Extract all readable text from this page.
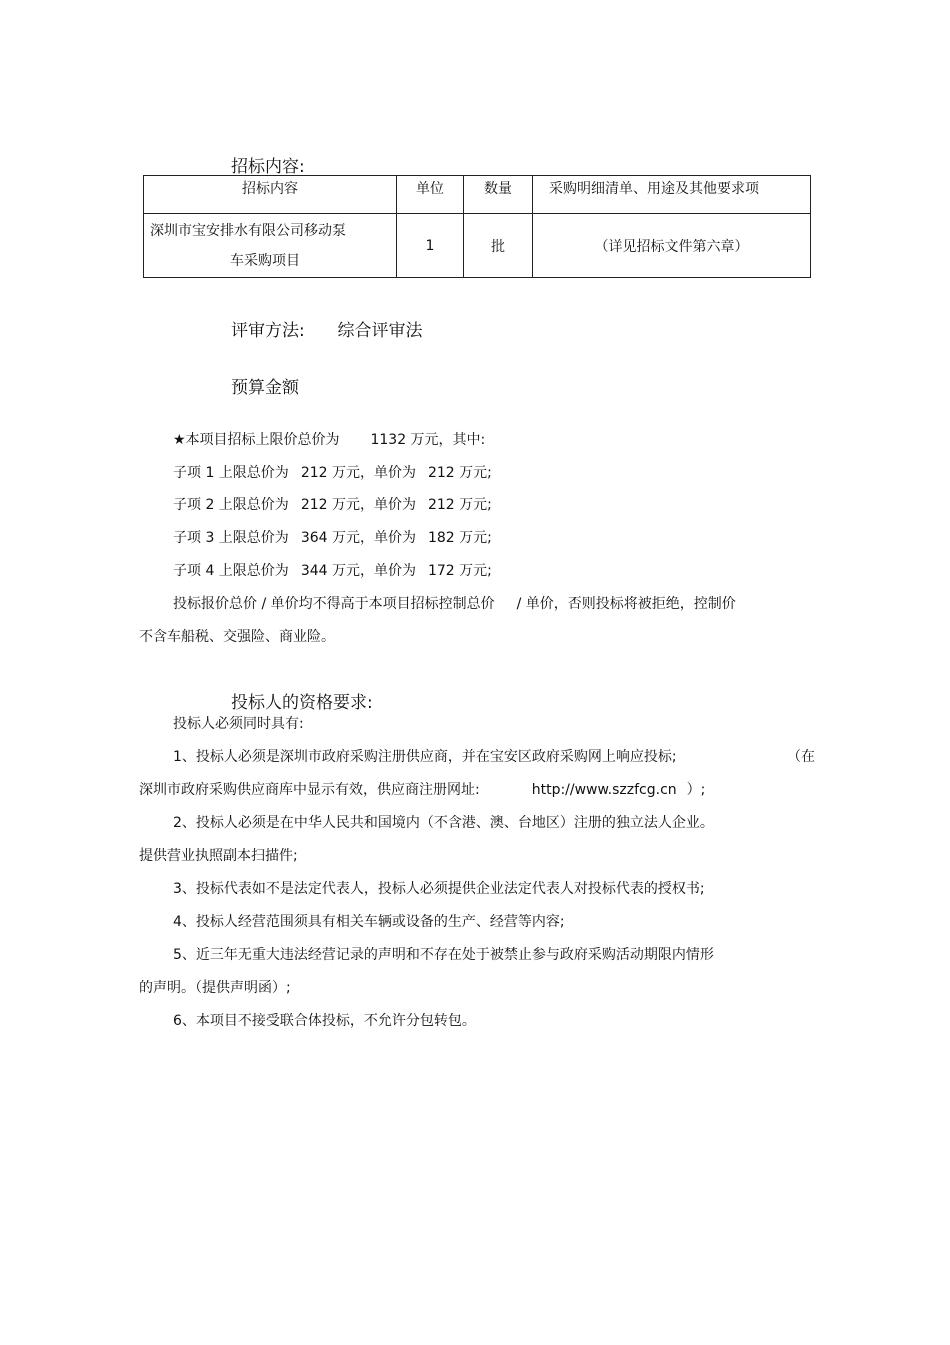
招标内容:
招标内容	单位	数量	采购明细清单、用途及其他要求项

深圳市宝安排水有限公司移动泵
车采购项目	1	批	（详见招标文件第六章）
评审方法: 综合评审法
预算金额
★本项目招标上限价总价为 1132 万元，其中:
子项 1 上限总价为 212 万元，单价为 212 万元;
子项 2 上限总价为 212 万元，单价为 212 万元;
子项 3 上限总价为 364 万元，单价为 182 万元;
子项 4 上限总价为 344 万元，单价为 172 万元;
投标报价总价 / 单价均不得高于本项目招标控制总价 / 单价，否则投标将被拒绝，控制价
不含车船税、交强险、商业险。
投标人的资格要求:
投标人必须同时具有:
1、投标人必须是深圳市政府采购注册供应商，并在宝安区政府采购网上响应投标;	（在
深圳市政府采购供应商库中显示有效，供应商注册网址:	http://www.szzfcg.cn ）;
2、投标人必须是在中华人民共和国境内（不含港、澳、台地区）注册的独立法人企业。
提供营业执照副本扫描件;
3、投标代表如不是法定代表人，投标人必须提供企业法定代表人对投标代表的授权书;
4、投标人经营范围须具有相关车辆或设备的生产、经营等内容;
5、近三年无重大违法经营记录的声明和不存在处于被禁止参与政府采购活动期限内情形
的声明。（提供声明函）;
6、本项目不接受联合体投标，不允许分包转包。
